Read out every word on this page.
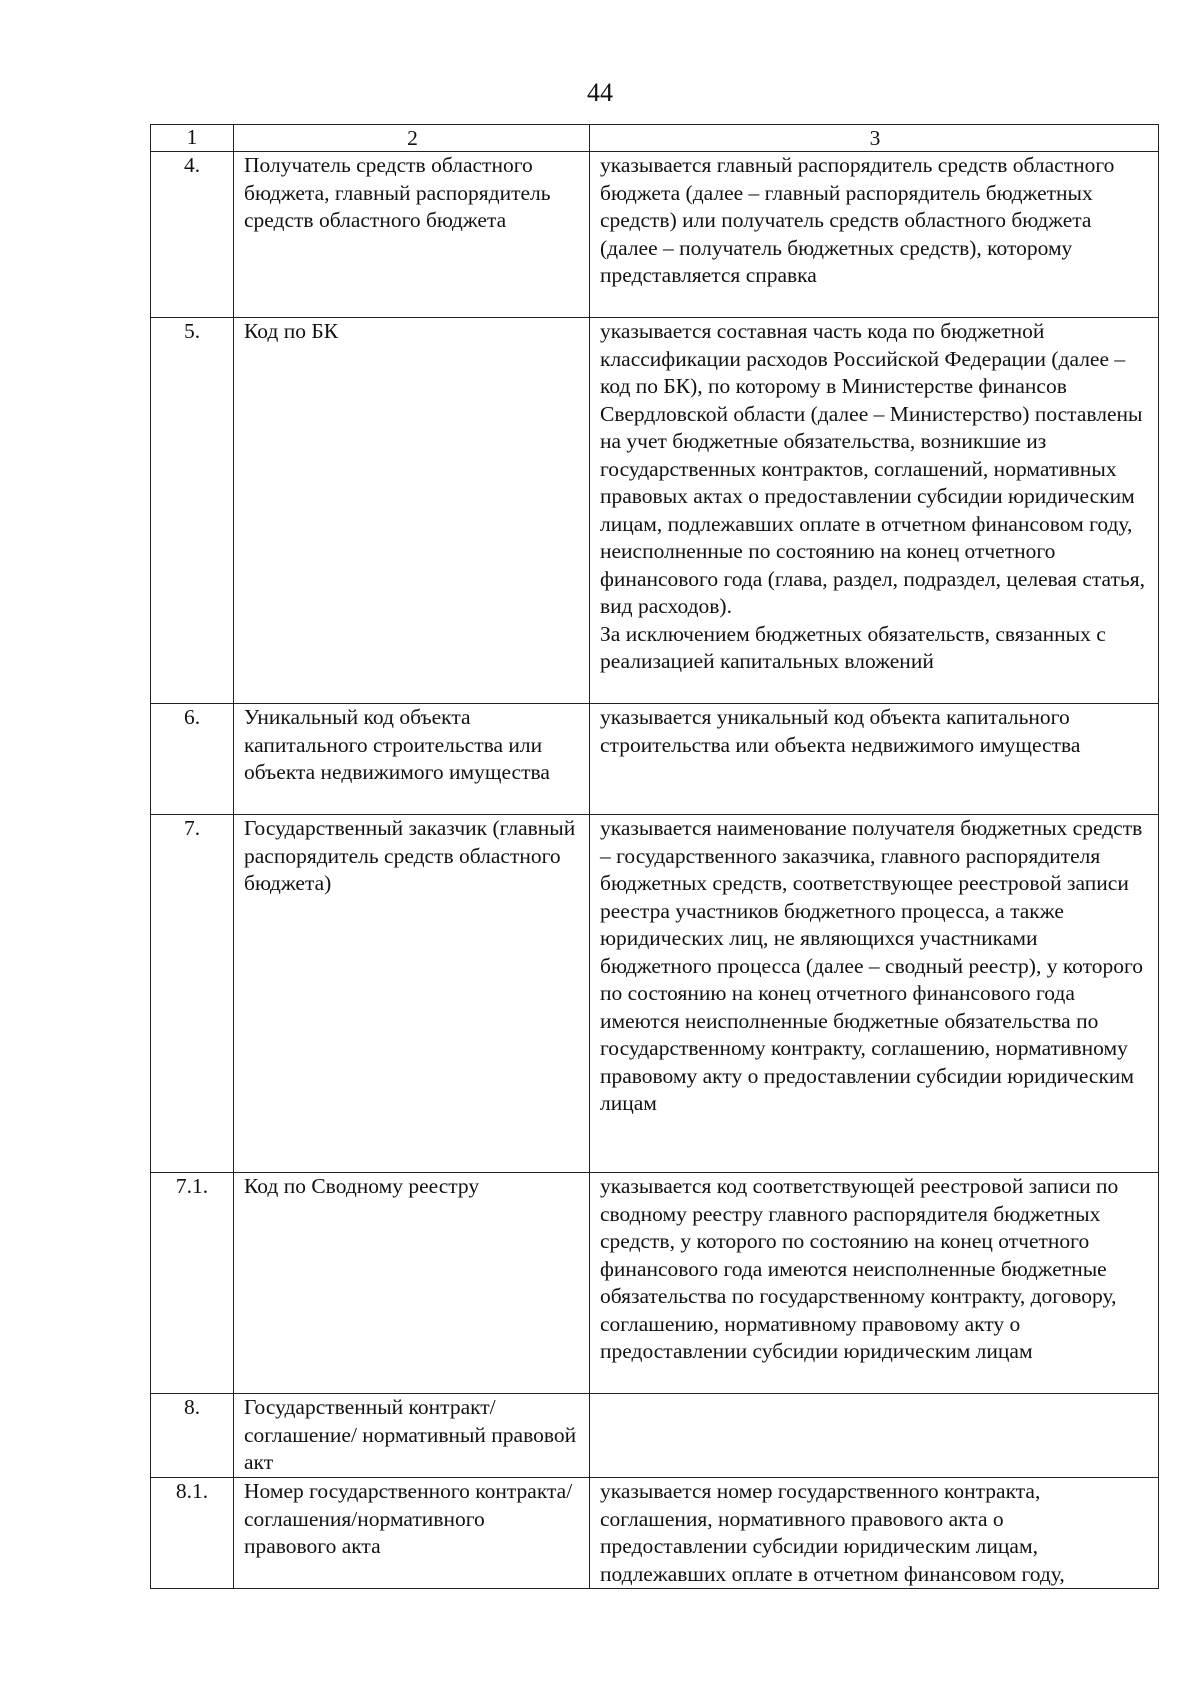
44
1	2	3
4.	Получатель средств областного бюджета, главный распорядитель средств областного бюджета	указывается главный распорядитель средств областного бюджета (далее – главный распорядитель бюджетных средств) или получатель средств областного бюджета (далее – получатель бюджетных средств), которому представляется справка
5.	Код по БК	указывается составная часть кода по бюджетной классификации расходов Российской Федерации (далее – код по БК), по которому в Министерстве финансов Свердловской области (далее – Министерство) поставлены на учет бюджетные обязательства, возникшие из государственных контрактов, соглашений, нормативных правовых актах о предоставлении субсидии юридическим лицам, подлежавших оплате в отчетном финансовом году, неисполненные по состоянию на конец отчетного финансового года (глава, раздел, подраздел, целевая статья, вид расходов).
За исключением бюджетных обязательств, связанных с реализацией капитальных вложений

6.	Уникальный код объекта капитального строительства или объекта недвижимого имущества	указывается уникальный код объекта капитального строительства или объекта недвижимого имущества
7.	Государственный заказчик (главный распорядитель средств областного бюджета)	указывается наименование получателя бюджетных средств – государственного заказчика, главного распорядителя бюджетных средств, соответствующее реестровой записи реестра участников бюджетного процесса, а также юридических лиц, не являющихся участниками бюджетного процесса (далее – сводный реестр), у которого по состоянию на конец отчетного финансового года имеются неисполненные бюджетные обязательства по государственному контракту, соглашению, нормативному правовому акту о предоставлении субсидии юридическим лицам
7.1.	Код по Сводному реестру	указывается код соответствующей реестровой записи по сводному реестру главного распорядителя бюджетных средств, у которого по состоянию на конец отчетного финансового года имеются неисполненные бюджетные обязательства по государственному контракту, договору, соглашению, нормативному правовому акту о предоставлении субсидии юридическим лицам
8.	Государственный контракт/соглашение/ нормативный правовой акт	
8.1.	Номер государственного контракта/ соглашения/нормативного правового акта	указывается номер государственного контракта, соглашения, нормативного правового акта о предоставлении субсидии юридическим лицам, подлежавших оплате в отчетном финансовом году,
